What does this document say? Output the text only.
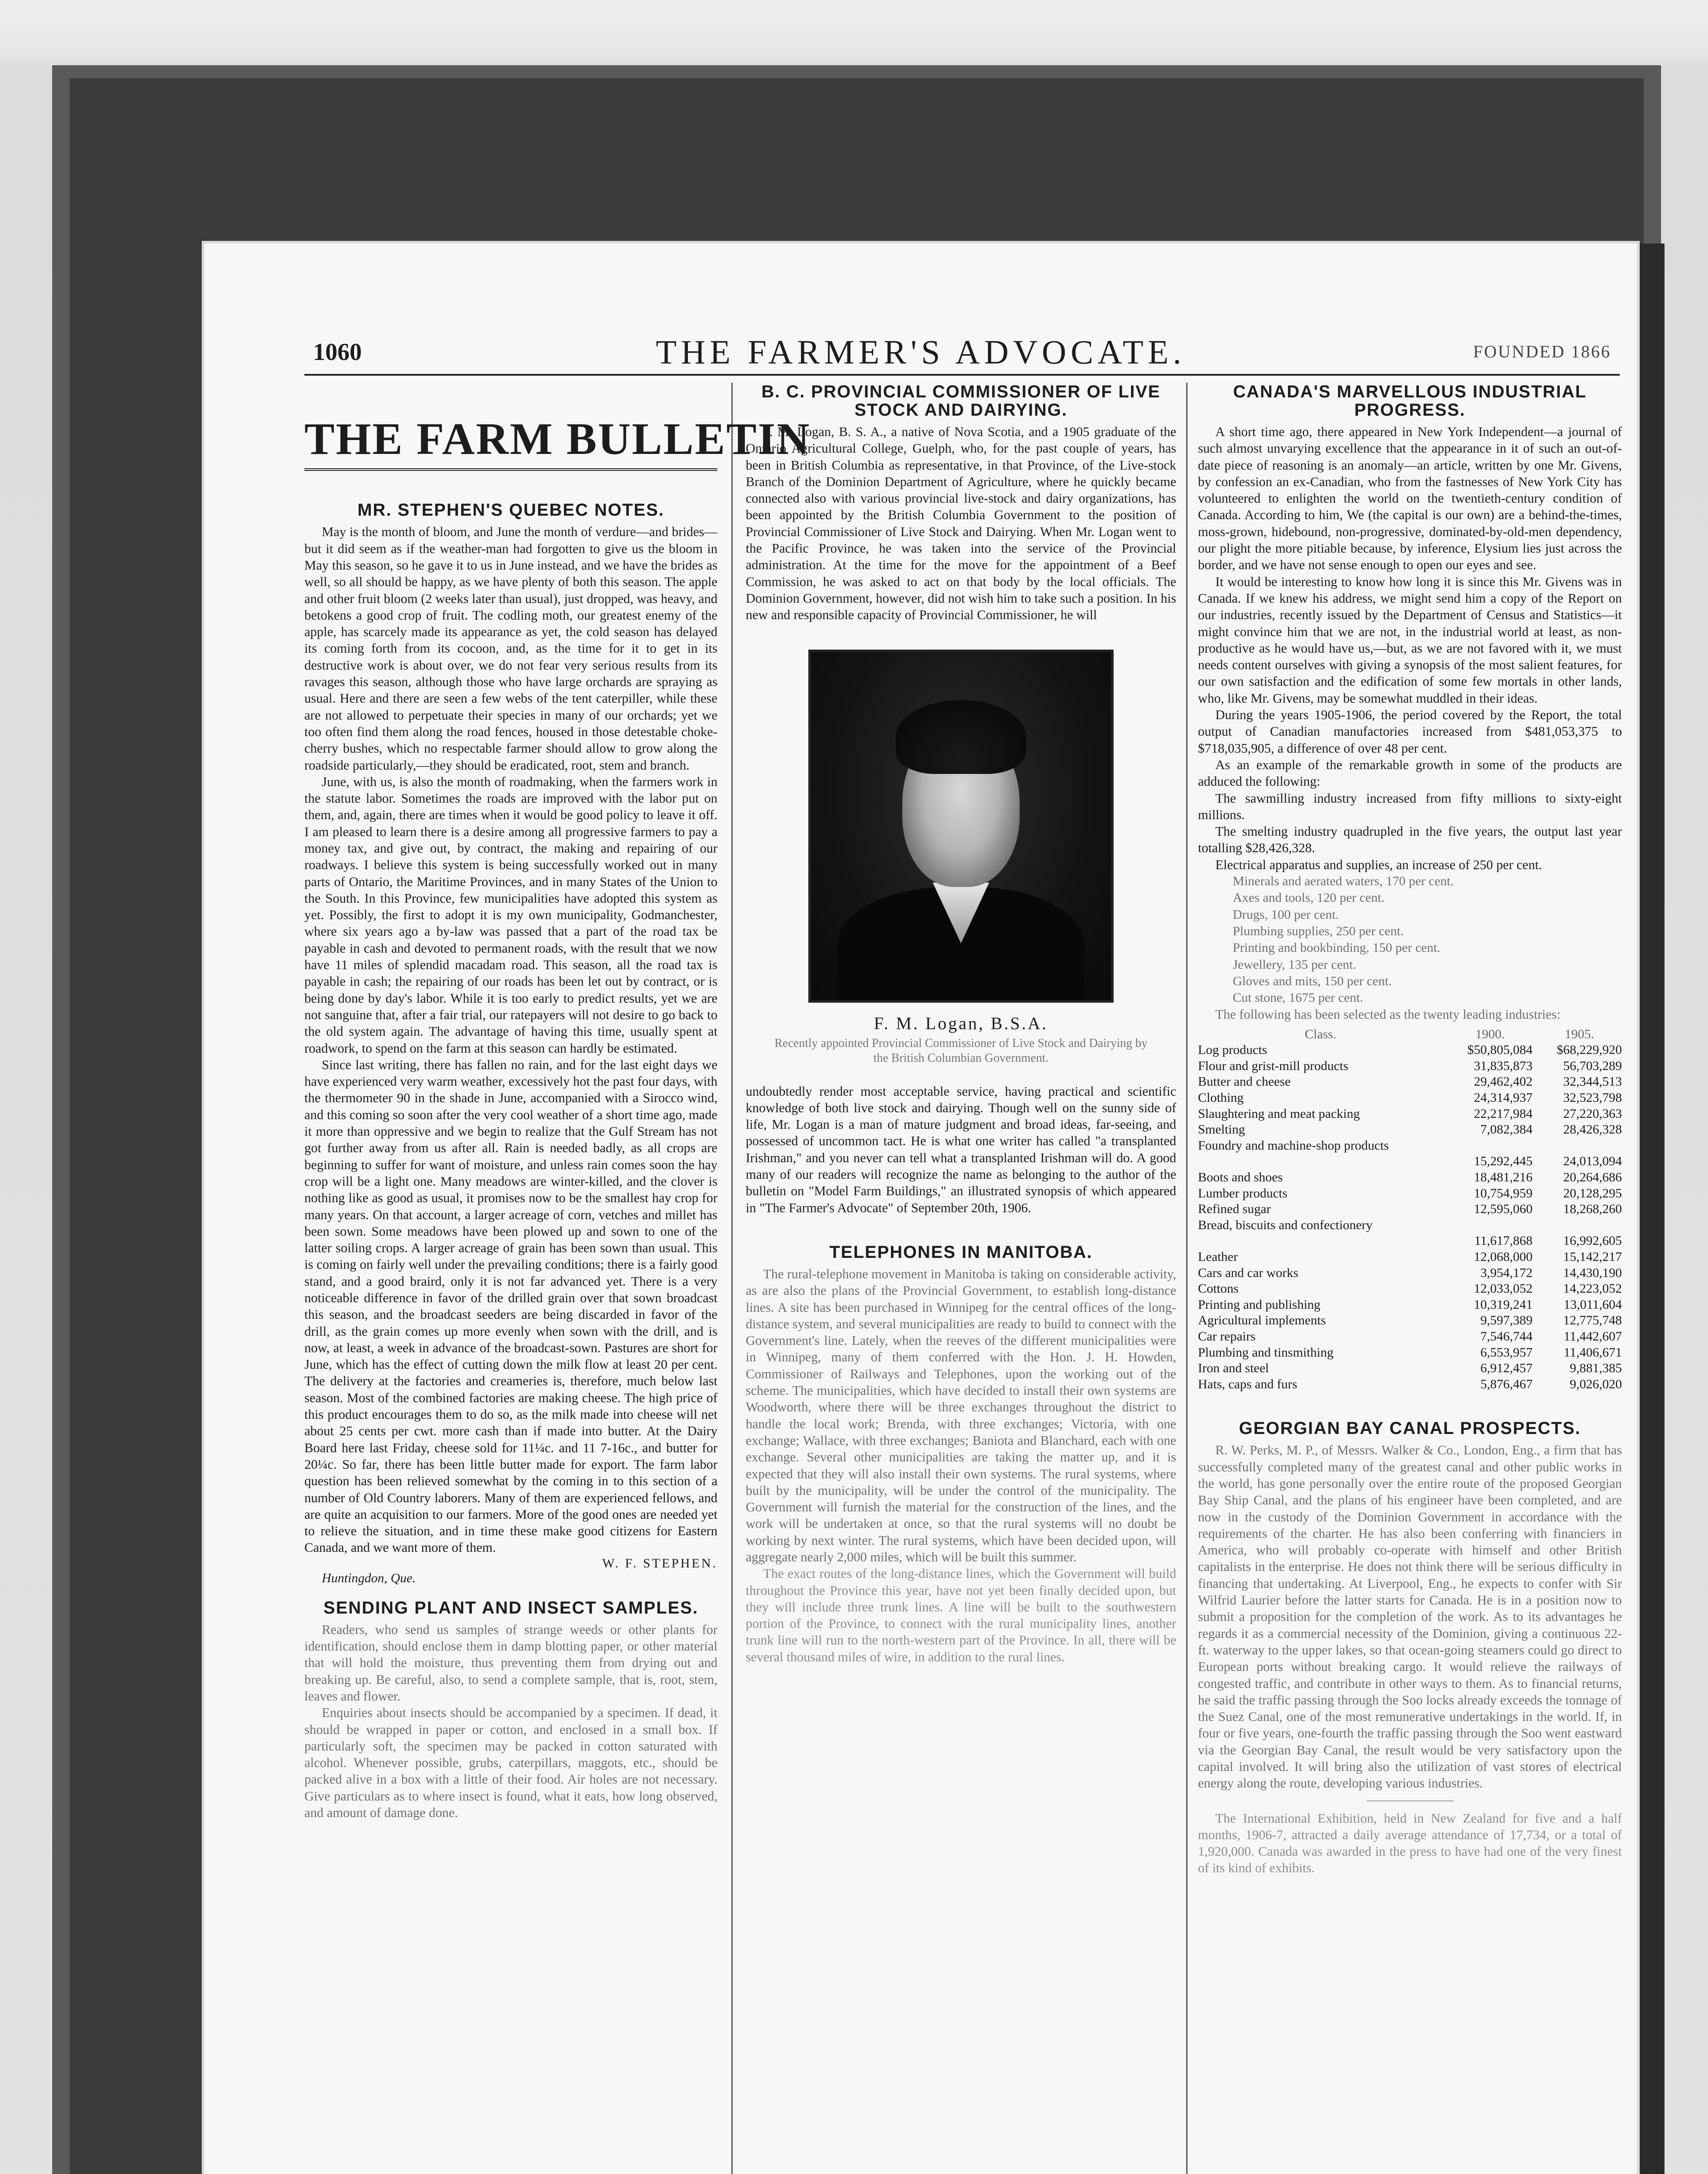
1060	THE FARMER'S ADVOCATE.	FOUNDED 1866
THE FARM BULLETIN
MR. STEPHEN'S QUEBEC NOTES.

May is the month of bloom, and June the month of verdure—and brides—but it did seem as if the weather-man had forgotten to give us the bloom in May this season, so he gave it to us in June instead, and we have the brides as well, so all should be happy, as we have plenty of both this season. The apple and other fruit bloom (2 weeks later than usual), just dropped, was heavy, and betokens a good crop of fruit. The codling moth, our greatest enemy of the apple, has scarcely made its appearance as yet, the cold season has delayed its coming forth from its cocoon, and, as the time for it to get in its destructive work is about over, we do not fear very serious results from its ravages this season, although those who have large orchards are spraying as usual. Here and there are seen a few webs of the tent caterpiller, while these are not allowed to perpetuate their species in many of our orchards; yet we too often find them along the road fences, housed in those detestable choke-cherry bushes, which no respectable farmer should allow to grow along the roadside particularly,—they should be eradicated, root, stem and branch.

June, with us, is also the month of roadmaking, when the farmers work in the statute labor. Sometimes the roads are improved with the labor put on them, and, again, there are times when it would be good policy to leave it off. I am pleased to learn there is a desire among all progressive farmers to pay a money tax, and give out, by contract, the making and repairing of our roadways. I believe this system is being successfully worked out in many parts of Ontario, the Maritime Provinces, and in many States of the Union to the South. In this Province, few municipalities have adopted this system as yet. Possibly, the first to adopt it is my own municipality, Godmanchester, where six years ago a by-law was passed that a part of the road tax be payable in cash and devoted to permanent roads, with the result that we now have 11 miles of splendid macadam road. This season, all the road tax is payable in cash; the repairing of our roads has been let out by contract, or is being done by day's labor. While it is too early to predict results, yet we are not sanguine that, after a fair trial, our ratepayers will not desire to go back to the old system again. The advantage of having this time, usually spent at roadwork, to spend on the farm at this season can hardly be estimated.

Since last writing, there has fallen no rain, and for the last eight days we have experienced very warm weather, excessively hot the past four days, with the thermometer 90 in the shade in June, accompanied with a Sirocco wind, and this coming so soon after the very cool weather of a short time ago, made it more than oppressive and we begin to realize that the Gulf Stream has not got further away from us after all. Rain is needed badly, as all crops are beginning to suffer for want of moisture, and unless rain comes soon the hay crop will be a light one. Many meadows are winter-killed, and the clover is nothing like as good as usual, it promises now to be the smallest hay crop for many years. On that account, a larger acreage of corn, vetches and millet has been sown. Some meadows have been plowed up and sown to one of the latter soiling crops. A larger acreage of grain has been sown than usual. This is coming on fairly well under the prevailing conditions; there is a fairly good stand, and a good braird, only it is not far advanced yet. There is a very noticeable difference in favor of the drilled grain over that sown broadcast this season, and the broadcast seeders are being discarded in favor of the drill, as the grain comes up more evenly when sown with the drill, and is now, at least, a week in advance of the broadcast-sown. Pastures are short for June, which has the effect of cutting down the milk flow at least 20 per cent. The delivery at the factories and creameries is, therefore, much below last season. Most of the combined factories are making cheese. The high price of this product encourages them to do so, as the milk made into cheese will net about 25 cents per cwt. more cash than if made into butter. At the Dairy Board here last Friday, cheese sold for 11¼c. and 11 7-16c., and butter for 20¼c. So far, there has been little butter made for export. The farm labor question has been relieved somewhat by the coming in to this section of a number of Old Country laborers. Many of them are experienced fellows, and are quite an acquisition to our farmers. More of the good ones are needed yet to relieve the situation, and in time these make good citizens for Eastern Canada, and we want more of them.

W. F. STEPHEN.

Huntingdon, Que.

SENDING PLANT AND INSECT SAMPLES.

Readers, who send us samples of strange weeds or other plants for identification, should enclose them in damp blotting paper, or other material that will hold the moisture, thus preventing them from drying out and breaking up. Be careful, also, to send a complete sample, that is, root, stem, leaves and flower.

Enquiries about insects should be accompanied by a specimen. If dead, it should be wrapped in paper or cotton, and enclosed in a small box. If particularly soft, the specimen may be packed in cotton saturated with alcohol. Whenever possible, grubs, caterpillars, maggots, etc., should be packed alive in a box with a little of their food. Air holes are not necessary. Give particulars as to where insect is found, what it eats, how long observed, and amount of damage done.

B. C. PROVINCIAL COMMISSIONER OF LIVE STOCK AND DAIRYING.

F. M. Logan, B. S. A., a native of Nova Scotia, and a 1905 graduate of the Ontario Agricultural College, Guelph, who, for the past couple of years, has been in British Columbia as representative, in that Province, of the Live-stock Branch of the Dominion Department of Agriculture, where he quickly became connected also with various provincial live-stock and dairy organizations, has been appointed by the British Columbia Government to the position of Provincial Commissioner of Live Stock and Dairying. When Mr. Logan went to the Pacific Province, he was taken into the service of the Provincial administration. At the time for the move for the appointment of a Beef Commission, he was asked to act on that body by the local officials. The Dominion Government, however, did not wish him to take such a position. In his new and responsible capacity of Provincial Commissioner, he will

F. M. Logan, B.S.A.

Recently appointed Provincial Commissioner of Live Stock and Dairying by the British Columbian Government.

undoubtedly render most acceptable service, having practical and scientific knowledge of both live stock and dairying. Though well on the sunny side of life, Mr. Logan is a man of mature judgment and broad ideas, far-seeing, and possessed of uncommon tact. He is what one writer has called "a transplanted Irishman," and you never can tell what a transplanted Irishman will do. A good many of our readers will recognize the name as belonging to the author of the bulletin on "Model Farm Buildings," an illustrated synopsis of which appeared in "The Farmer's Advocate" of September 20th, 1906.

TELEPHONES IN MANITOBA.

The rural-telephone movement in Manitoba is taking on considerable activity, as are also the plans of the Provincial Government, to establish long-distance lines. A site has been purchased in Winnipeg for the central offices of the long-distance system, and several municipalities are ready to build to connect with the Government's line. Lately, when the reeves of the different municipalities were in Winnipeg, many of them conferred with the Hon. J. H. Howden, Commissioner of Railways and Telephones, upon the working out of the scheme. The municipalities, which have decided to install their own systems are Woodworth, where there will be three exchanges throughout the district to handle the local work; Brenda, with three exchanges; Victoria, with one exchange; Wallace, with three exchanges; Baniota and Blanchard, each with one exchange. Several other municipalities are taking the matter up, and it is expected that they will also install their own systems. The rural systems, where built by the municipality, will be under the control of the municipality. The Government will furnish the material for the construction of the lines, and the work will be undertaken at once, so that the rural systems will no doubt be working by next winter. The rural systems, which have been decided upon, will aggregate nearly 2,000 miles, which will be built this summer.

The exact routes of the long-distance lines, which the Government will build throughout the Province this year, have not yet been finally decided upon, but they will include three trunk lines. A line will be built to the southwestern portion of the Province, to connect with the rural municipality lines, another trunk line will run to the north-western part of the Province. In all, there will be several thousand miles of wire, in addition to the rural lines.

CANADA'S MARVELLOUS INDUSTRIAL PROGRESS.

A short time ago, there appeared in New York Independent—a journal of such almost unvarying excellence that the appearance in it of such an out-of-date piece of reasoning is an anomaly—an article, written by one Mr. Givens, by confession an ex-Canadian, who from the fastnesses of New York City has volunteered to enlighten the world on the twentieth-century condition of Canada. According to him, We (the capital is our own) are a behind-the-times, moss-grown, hidebound, non-progressive, dominated-by-old-men dependency, our plight the more pitiable because, by inference, Elysium lies just across the border, and we have not sense enough to open our eyes and see.

It would be interesting to know how long it is since this Mr. Givens was in Canada. If we knew his address, we might send him a copy of the Report on our industries, recently issued by the Department of Census and Statistics—it might convince him that we are not, in the industrial world at least, as non-productive as he would have us,—but, as we are not favored with it, we must needs content ourselves with giving a synopsis of the most salient features, for our own satisfaction and the edification of some few mortals in other lands, who, like Mr. Givens, may be somewhat muddled in their ideas.

During the years 1905-1906, the period covered by the Report, the total output of Canadian manufactories increased from $481,053,375 to $718,035,905, a difference of over 48 per cent.

As an example of the remarkable growth in some of the products are adduced the following:

The sawmilling industry increased from fifty millions to sixty-eight millions.

The smelting industry quadrupled in the five years, the output last year totalling $28,426,328.

Electrical apparatus and supplies, an increase of 250 per cent.

Minerals and aerated waters, 170 per cent.

Axes and tools, 120 per cent.

Drugs, 100 per cent.

Plumbing supplies, 250 per cent.

Printing and bookbinding, 150 per cent.

Jewellery, 135 per cent.

Gloves and mits, 150 per cent.

Cut stone, 1675 per cent.

The following has been selected as the twenty leading industries:

Class.	1900.	1905.
Log products	$50,805,084	$68,229,920
Flour and grist-mill products	31,835,873	56,703,289
Butter and cheese	29,462,402	32,344,513
Clothing	24,314,937	32,523,798
Slaughtering and meat packing	22,217,984	27,220,363
Smelting	7,082,384	28,426,328
Foundry and machine-shop products		
	15,292,445	24,013,094
Boots and shoes	18,481,216	20,264,686
Lumber products	10,754,959	20,128,295
Refined sugar	12,595,060	18,268,260
Bread, biscuits and confectionery		
	11,617,868	16,992,605
Leather	12,068,000	15,142,217
Cars and car works	3,954,172	14,430,190
Cottons	12,033,052	14,223,052
Printing and publishing	10,319,241	13,011,604
Agricultural implements	9,597,389	12,775,748
Car repairs	7,546,744	11,442,607
Plumbing and tinsmithing	6,553,957	11,406,671
Iron and steel	6,912,457	9,881,385
Hats, caps and furs	5,876,467	9,026,020
GEORGIAN BAY CANAL PROSPECTS.

R. W. Perks, M. P., of Messrs. Walker & Co., London, Eng., a firm that has successfully completed many of the greatest canal and other public works in the world, has gone personally over the entire route of the proposed Georgian Bay Ship Canal, and the plans of his engineer have been completed, and are now in the custody of the Dominion Government in accordance with the requirements of the charter. He has also been conferring with financiers in America, who will probably co-operate with himself and other British capitalists in the enterprise. He does not think there will be serious difficulty in financing that undertaking. At Liverpool, Eng., he expects to confer with Sir Wilfrid Laurier before the latter starts for Canada. He is in a position now to submit a proposition for the completion of the work. As to its advantages he regards it as a commercial necessity of the Dominion, giving a continuous 22-ft. waterway to the upper lakes, so that ocean-going steamers could go direct to European ports without breaking cargo. It would relieve the railways of congested traffic, and contribute in other ways to them. As to financial returns, he said the traffic passing through the Soo locks already exceeds the tonnage of the Suez Canal, one of the most remunerative undertakings in the world. If, in four or five years, one-fourth the traffic passing through the Soo went eastward via the Georgian Bay Canal, the result would be very satisfactory upon the capital involved. It will bring also the utilization of vast stores of electrical energy along the route, developing various industries.

The International Exhibition, held in New Zealand for five and a half months, 1906-7, attracted a daily average attendance of 17,734, or a total of 1,920,000. Canada was awarded in the press to have had one of the very finest of its kind of exhibits.
